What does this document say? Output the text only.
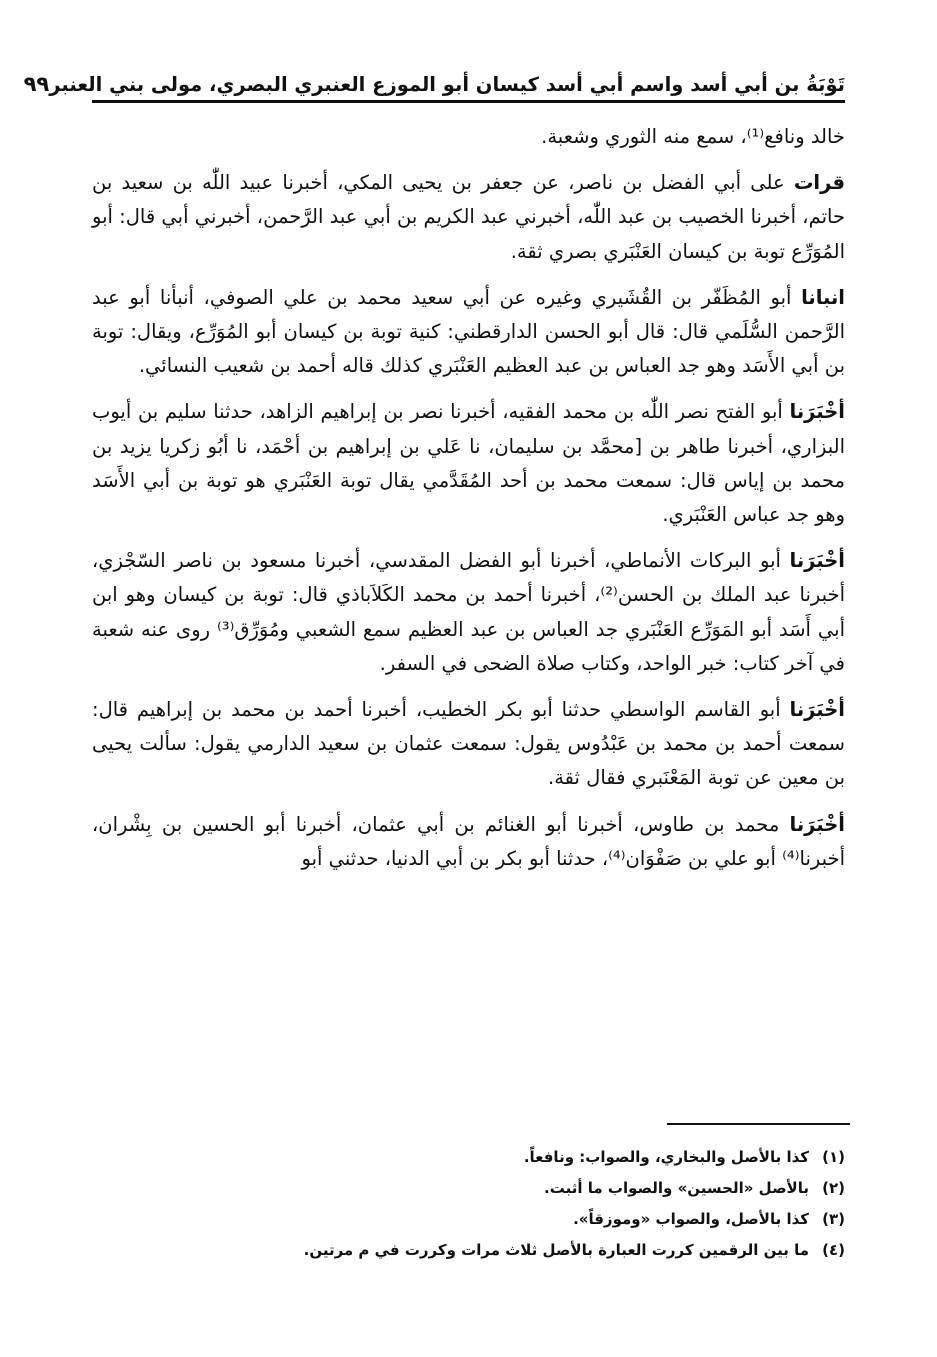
تَوْبَةُ بن أبي أسد واسم أبي أسد كيسان أبو الموزع العنبري البصري، مولى بني العنبر
٩٩

خالد ونافع⁽¹⁾، سمع منه الثوري وشعبة.

قرات على أبي الفضل بن ناصر، عن جعفر بن يحيى المكي، أخبرنا عبيد اللّٰه بن سعيد بن حاتم، أخبرنا الخصيب بن عبد اللّٰه، أخبرني عبد الكريم بن أبي عبد الرَّحمن، أخبرني أبي قال: أبو المُوَرِّع توبة بن كيسان العَنْبَري بصري ثقة.

انبانا أبو المُظَفّر بن القُشَيري وغيره عن أبي سعيد محمد بن علي الصوفي، أنبأنا أبو عبد الرَّحمن السُّلَمي قال: قال أبو الحسن الدارقطني: كنية توبة بن كيسان أبو المُوَرِّع، ويقال: توبة بن أبي الأَسَد وهو جد العباس بن عبد العظيم العَنْبَري كذلك قاله أحمد بن شعيب النسائي.

أخْبَرَنا أبو الفتح نصر اللّٰه بن محمد الفقيه، أخبرنا نصر بن إبراهيم الزاهد، حدثنا سليم بن أيوب البزاري، أخبرنا طاهر بن [محمَّد بن سليمان، نا عَلي بن إبراهيم بن أحْمَد، نا أبُو زكريا يزيد بن محمد بن إياس قال: سمعت محمد بن أحد المُقَدَّمي يقال توبة العَنْبَري هو توبة بن أبي الأَسَد وهو جد عباس العَنْبَري.

أخْبَرَنا أبو البركات الأنماطي، أخبرنا أبو الفضل المقدسي، أخبرنا مسعود بن ناصر السّجْزي، أخبرنا عبد الملك بن الحسن⁽²⁾، أخبرنا أحمد بن محمد الكَلاَباذي قال: توبة بن كيسان وهو ابن أبي أَسَد أبو المَوَرِّع العَنْبَري جد العباس بن عبد العظيم سمع الشعبي ومُوَرِّق⁽³⁾ روى عنه شعبة في آخر كتاب: خبر الواحد، وكتاب صلاة الضحى في السفر.

أخْبَرَنا أبو القاسم الواسطي حدثنا أبو بكر الخطيب، أخبرنا أحمد بن محمد بن إبراهيم قال: سمعت أحمد بن محمد بن عَبْدُوس يقول: سمعت عثمان بن سعيد الدارمي يقول: سألت يحيى بن معين عن توبة المَعْنَبري فقال ثقة.

أخْبَرَنا محمد بن طاوس، أخبرنا أبو الغنائم بن أبي عثمان، أخبرنا أبو الحسين بن بِشْران، أخبرنا⁽⁴⁾ أبو علي بن صَفْوَان⁽⁴⁾، حدثنا أبو بكر بن أبي الدنيا، حدثني أبو

(١)
كذا بالأصل والبخاري، والصواب: ونافعاً.
(٢)
بالأصل «الحسين» والصواب ما أثبت.
(٣)
كذا بالأصل، والصواب «وموزقاً».
(٤)
ما بين الرقمين كررت العبارة بالأصل ثلاث مرات وكررت في م مرتين.
